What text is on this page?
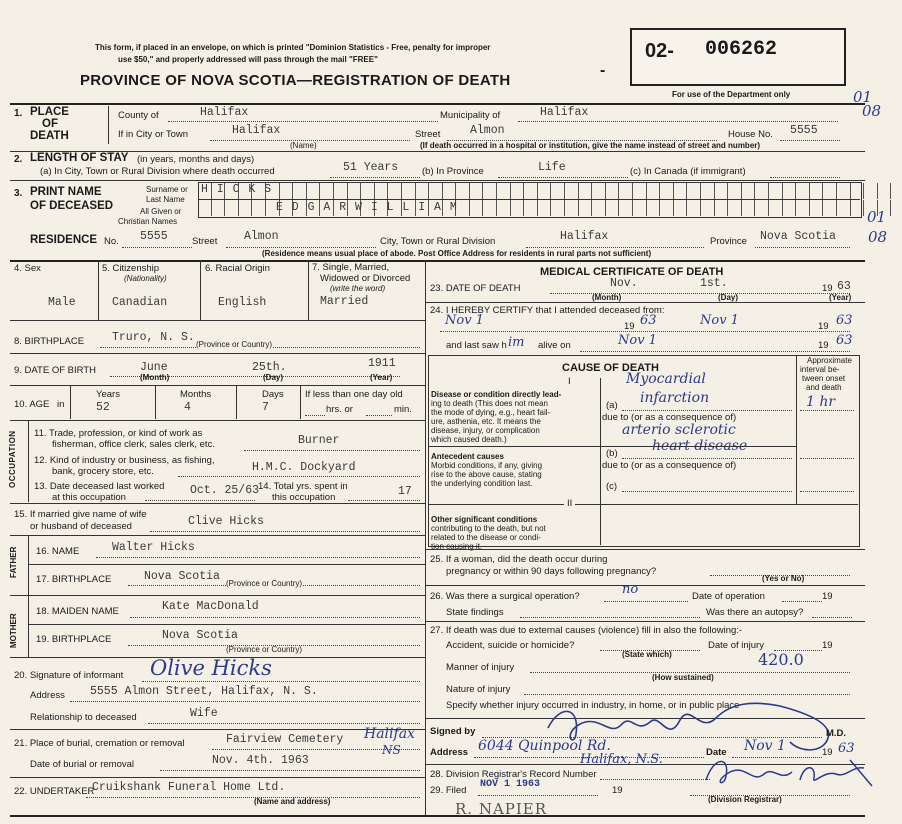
This form, if placed in an envelope, on which is printed "Dominion Statistics - Free, penalty for improper
use $50," and properly addressed will pass through the mail "FREE"
PROVINCE OF NOVA SCOTIA—REGISTRATION OF DEATH
-
02- 006262
For use of the Department only	01
08
1. PLACE
OF
DEATH
County of	Halifax	Municipality of	Halifax
If in City or Town	Halifax
(Name)
Street	Almon	House No. 5555
(If death occurred in a hospital or institution, give the name instead of street and number)
2. LENGTH OF STAY (in years, months and days)
(a) In City, Town or Rural Division where death occurred	51 Years	(b) In Province	Life	(c) In Canada (if immigrant)
3. PRINT NAME
OF DECEASED
Surname or
Last Name
All Given or
Christian Names
H I C K S
E D G A R W I L L I A M
RESIDENCE No. 5555	Street Almon	City, Town or Rural Division	Halifax	Province Nova Scotia
01
08
(Residence means usual place of abode. Post Office Address for residents in rural parts not sufficient)
4. Sex	5. Citizenship
(Nationality)
6. Racial Origin	7. Single, Married,
Widowed or Divorced
(write the word)
Male	Canadian	English	Married
8. BIRTHPLACE Truro, N. S.
(Province or Country)
9. DATE OF BIRTH	June	25th.	1911
(Month)	(Day)	(Year)
10. AGE in
Years
52
Months
4
Days
7
If less than one day old
hrs. or	min.
OCCUPATION 11. Trade, profession, or kind of work as
fisherman, office clerk, sales clerk, etc.	Burner
12. Kind of industry or business, as fishing,
bank, grocery store, etc.	H.M.C. Dockyard
13. Date deceased last worked
at this occupation
Oct. 25/63
14. Total yrs. spent in
this occupation	17
15. If married give name of wife
or husband of deceased	Clive Hicks
FATHER 16. NAME	Walter Hicks
17. BIRTHPLACE	Nova Scotia
(Province or Country)
MOTHER
18. MAIDEN NAME	Kate MacDonald
19. BIRTHPLACE	Nova Scotia
(Province or Country)
20. Signature of informant Olive Hicks
Address 5555 Almon Street, Halifax, N. S.
Relationship to deceased	Wife
21. Place of burial, cremation or removal	Fairview Cemetery Halifax
NS
Date of burial or removal	Nov. 4th. 1963
22. UNDERTAKER
Cruikshank Funeral Home Ltd.
(Name and address)	R. NAPIER
MEDICAL CERTIFICATE OF DEATH
23. DATE OF DEATH	Nov.	1st.	19 63
(Month)	(Day)	(Year)
24. I HEREBY CERTIFY that I attended deceased from:
Nov 1	19 63	Nov 1	19 63
and last saw h im alive on	Nov 1	19 63
CAUSE OF DEATH
Approximate
interval be-
tween onset
and death
I
Disease or condition directly lead-
ing to death (This does not mean
the mode of dying, e.g., heart fail-
ure, asthenia, etc. It means the
disease, injury, or complication
which caused death.)
Myocardial
(a) infarction	1 hr
due to (or as a consequence of)
arterio sclerotic
heart disease
Antecedent causes
Morbid conditions, if any, giving
rise to the above cause, stating
the underlying condition last.
(b)
due to (or as a consequence of)
(c)
II
Other significant conditions
contributing to the death, but not
related to the disease or condi-
tion causing it.
25. If a woman, did the death occur during
pregnancy or within 90 days following pregnancy?
(Yes or No)
26. Was there a surgical operation?	no	Date of operation	19
State findings	Was there an autopsy?
27. If death was due to external causes (violence) fill in also the following:-
Accident, suicide or homicide?
(State which)
Date of injury	19
420.0
Manner of injury
(How sustained)
Nature of injury
Specify whether injury occurred in industry, in home, or in public place
Signed by	M.D.
Address 6044 Quinpool Rd.
Halifax, N.S.	Date Nov 1	19 63
28. Division Registrar's Record Number
29. Filed
NOV 1 1963
19
(Division Registrar)
